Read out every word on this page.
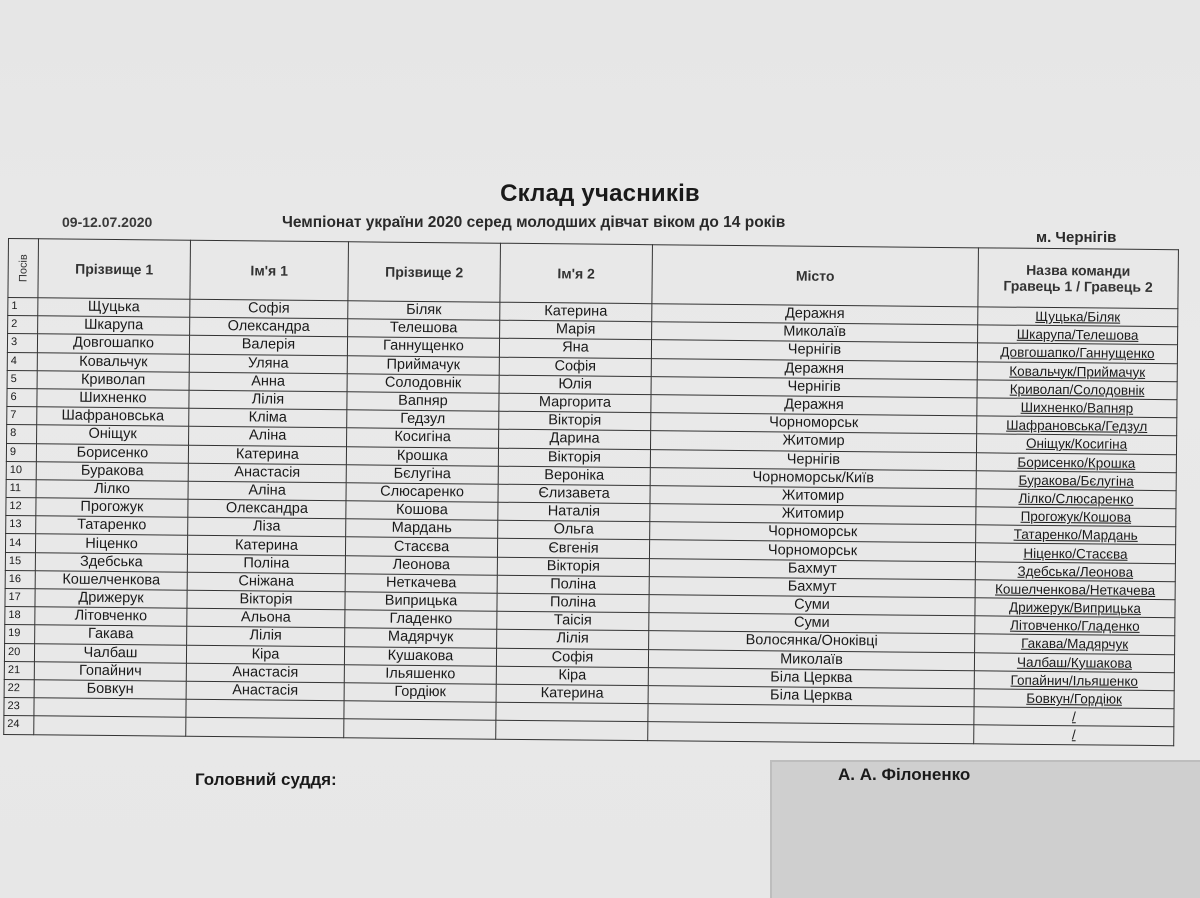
Склад учасників
09-12.07.2020	Чемпіонат україни 2020 серед молодших дівчат віком до 14 років
м. Чернігів
Посів	Прізвище 1	Ім'я 1	Прізвище 2	Ім'я 2	Місто	Назва команди
Гравець 1 / Гравець 2

1	Щуцька	Софія	Біляк	Катерина	Деражня	Щуцька/Біляк
2	Шкарупа	Олександра	Телешова	Марія	Миколаїв	Шкарупа/Телешова
3	Довгошапко	Валерія	Ганнущенко	Яна	Чернігів	Довгошапко/Ганнущенко
4	Ковальчук	Уляна	Приймачук	Софія	Деражня	Ковальчук/Приймачук
5	Криволап	Анна	Солодовнік	Юлія	Чернігів	Криволап/Солодовнік
6	Шихненко	Лілія	Вапняр	Маргорита	Деражня	Шихненко/Вапняр
7	Шафрановська	Кліма	Гедзул	Вікторія	Чорноморськ	Шафрановська/Гедзул
8	Оніщук	Аліна	Косигіна	Дарина	Житомир	Оніщук/Косигіна
9	Борисенко	Катерина	Крошка	Вікторія	Чернігів	Борисенко/Крошка
10	Буракова	Анастасія	Бєлугіна	Вероніка	Чорноморськ/Київ	Буракова/Бєлугіна
11	Лілко	Аліна	Слюсаренко	Єлизавета	Житомир	Лілко/Слюсаренко
12	Прогожук	Олександра	Кошова	Наталія	Житомир	Прогожук/Кошова
13	Татаренко	Ліза	Мардань	Ольга	Чорноморськ	Татаренко/Мардань
14	Ніценко	Катерина	Стасєва	Євгенія	Чорноморськ	Ніценко/Стасєва
15	Здебська	Поліна	Леонова	Вікторія	Бахмут	Здебська/Леонова
16	Кошелченкова	Сніжана	Неткачева	Поліна	Бахмут	Кошелченкова/Неткачева
17	Дрижерук	Вікторія	Виприцька	Поліна	Суми	Дрижерук/Виприцька
18	Літовченко	Альона	Гладенко	Таісія	Суми	Літовченко/Гладенко
19	Гакава	Лілія	Мадярчук	Лілія	Волосянка/Оноківці	Гакава/Мадярчук
20	Чалбаш	Кіра	Кушакова	Софія	Миколаїв	Чалбаш/Кушакова
21	Гопайнич	Анастасія	Ільяшенко	Кіра	Біла Церква	Гопайнич/Ільяшенко
22	Бовкун	Анастасія	Гордіюк	Катерина	Біла Церква	Бовкун/Гордіюк
23						/
24						/
Головний суддя:	А. А. Філоненко
